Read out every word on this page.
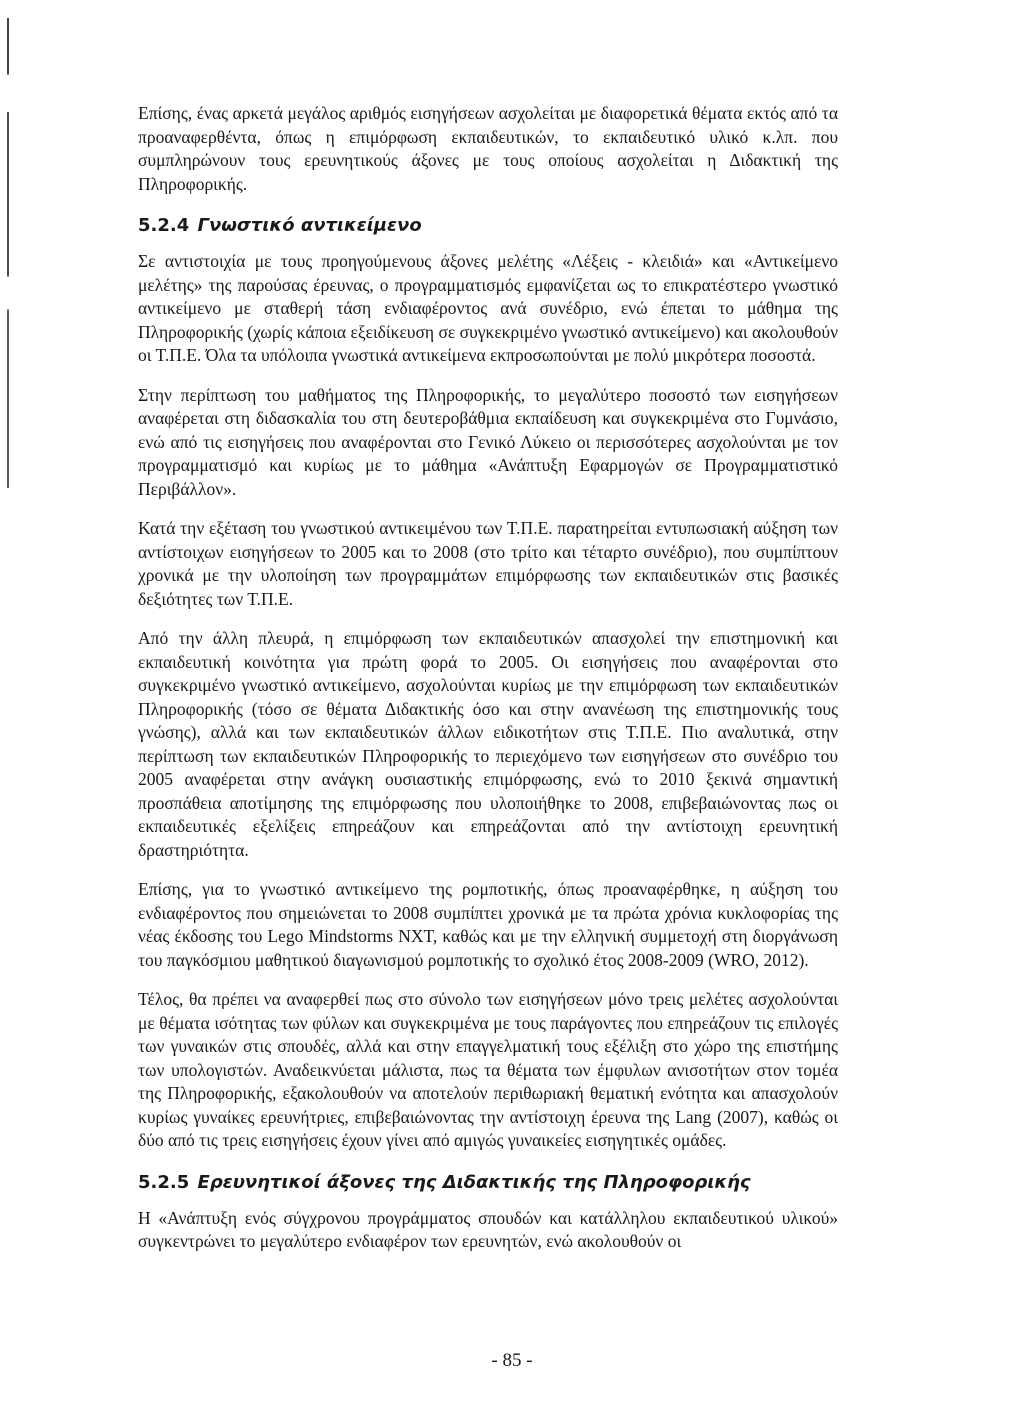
Επίσης, ένας αρκετά μεγάλος αριθμός εισηγήσεων ασχολείται με διαφορετικά θέματα εκτός από τα προαναφερθέντα, όπως η επιμόρφωση εκπαιδευτικών, το εκπαιδευτικό υλικό κ.λπ. που συμπληρώνουν τους ερευνητικούς άξονες με τους οποίους ασχολείται η Διδακτική της Πληροφορικής.

5.2.4 Γνωστικό αντικείμενο

Σε αντιστοιχία με τους προηγούμενους άξονες μελέτης «Λέξεις - κλειδιά» και «Αντικείμενο μελέτης» της παρούσας έρευνας, ο προγραμματισμός εμφανίζεται ως το επικρατέστερο γνωστικό αντικείμενο με σταθερή τάση ενδιαφέροντος ανά συνέδριο, ενώ έπεται το μάθημα της Πληροφορικής (χωρίς κάποια εξειδίκευση σε συγκεκριμένο γνωστικό αντικείμενο) και ακολουθούν οι Τ.Π.Ε. Όλα τα υπόλοιπα γνωστικά αντικείμενα εκπροσωπούνται με πολύ μικρότερα ποσοστά.

Στην περίπτωση του μαθήματος της Πληροφορικής, το μεγαλύτερο ποσοστό των εισηγήσεων αναφέρεται στη διδασκαλία του στη δευτεροβάθμια εκπαίδευση και συγκεκριμένα στο Γυμνάσιο, ενώ από τις εισηγήσεις που αναφέρονται στο Γενικό Λύκειο οι περισσότερες ασχολούνται με τον προγραμματισμό και κυρίως με το μάθημα «Ανάπτυξη Εφαρμογών σε Προγραμματιστικό Περιβάλλον».

Κατά την εξέταση του γνωστικού αντικειμένου των Τ.Π.Ε. παρατηρείται εντυπωσιακή αύξηση των αντίστοιχων εισηγήσεων το 2005 και το 2008 (στο τρίτο και τέταρτο συνέδριο), που συμπίπτουν χρονικά με την υλοποίηση των προγραμμάτων επιμόρφωσης των εκπαιδευτικών στις βασικές δεξιότητες των Τ.Π.Ε.

Από την άλλη πλευρά, η επιμόρφωση των εκπαιδευτικών απασχολεί την επιστημονική και εκπαιδευτική κοινότητα για πρώτη φορά το 2005. Οι εισηγήσεις που αναφέρονται στο συγκεκριμένο γνωστικό αντικείμενο, ασχολούνται κυρίως με την επιμόρφωση των εκπαιδευτικών Πληροφορικής (τόσο σε θέματα Διδακτικής όσο και στην ανανέωση της επιστημονικής τους γνώσης), αλλά και των εκπαιδευτικών άλλων ειδικοτήτων στις Τ.Π.Ε. Πιο αναλυτικά, στην περίπτωση των εκπαιδευτικών Πληροφορικής το περιεχόμενο των εισηγήσεων στο συνέδριο του 2005 αναφέρεται στην ανάγκη ουσιαστικής επιμόρφωσης, ενώ το 2010 ξεκινά σημαντική προσπάθεια αποτίμησης της επιμόρφωσης που υλοποιήθηκε το 2008, επιβεβαιώνοντας πως οι εκπαιδευτικές εξελίξεις επηρεάζουν και επηρεάζονται από την αντίστοιχη ερευνητική δραστηριότητα.

Επίσης, για το γνωστικό αντικείμενο της ρομποτικής, όπως προαναφέρθηκε, η αύξηση του ενδιαφέροντος που σημειώνεται το 2008 συμπίπτει χρονικά με τα πρώτα χρόνια κυκλοφορίας της νέας έκδοσης του Lego Mindstorms NXT, καθώς και με την ελληνική συμμετοχή στη διοργάνωση του παγκόσμιου μαθητικού διαγωνισμού ρομποτικής το σχολικό έτος 2008-2009 (WRO, 2012).

Τέλος, θα πρέπει να αναφερθεί πως στο σύνολο των εισηγήσεων μόνο τρεις μελέτες ασχολούνται με θέματα ισότητας των φύλων και συγκεκριμένα με τους παράγοντες που επηρεάζουν τις επιλογές των γυναικών στις σπουδές, αλλά και στην επαγγελματική τους εξέλιξη στο χώρο της επιστήμης των υπολογιστών. Αναδεικνύεται μάλιστα, πως τα θέματα των έμφυλων ανισοτήτων στον τομέα της Πληροφορικής, εξακολουθούν να αποτελούν περιθωριακή θεματική ενότητα και απασχολούν κυρίως γυναίκες ερευνήτριες, επιβεβαιώνοντας την αντίστοιχη έρευνα της Lang (2007), καθώς οι δύο από τις τρεις εισηγήσεις έχουν γίνει από αμιγώς γυναικείες εισηγητικές ομάδες.

5.2.5 Ερευνητικοί άξονες της Διδακτικής της Πληροφορικής

Η «Ανάπτυξη ενός σύγχρονου προγράμματος σπουδών και κατάλληλου εκπαιδευτικού υλικού» συγκεντρώνει το μεγαλύτερο ενδιαφέρον των ερευνητών, ενώ ακολουθούν οι

- 85 -
